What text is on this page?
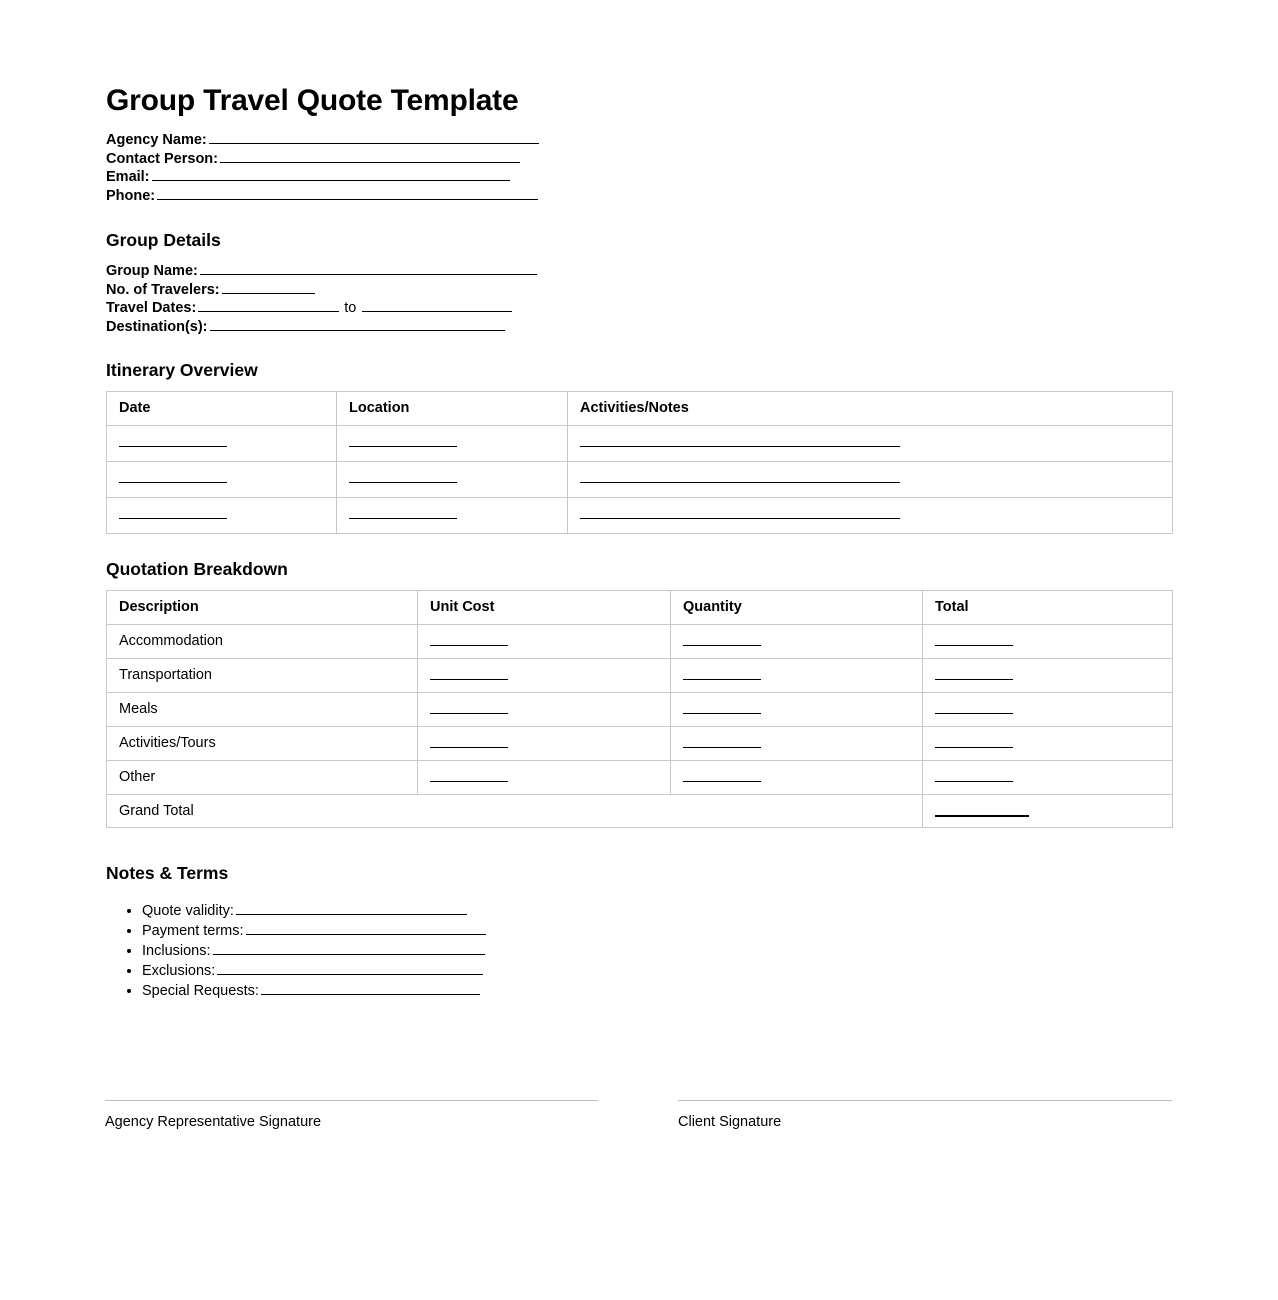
Group Travel Quote Template
Agency Name:
Contact Person:
Email:
Phone:
Group Details
Group Name:
No. of Travelers:
Travel Dates:	to
Destination(s):
Itinerary Overview
Date	Location	Activities/Notes

Quotation Breakdown
Description	Unit Cost	Quantity	Total

Accommodation			

Transportation			

Meals			

Activities/Tours			

Other			

Grand Total			
Notes & Terms
• Quote validity:
• Payment terms:
• Inclusions:
• Exclusions:
• Special Requests:
Agency Representative Signature	Client Signature
